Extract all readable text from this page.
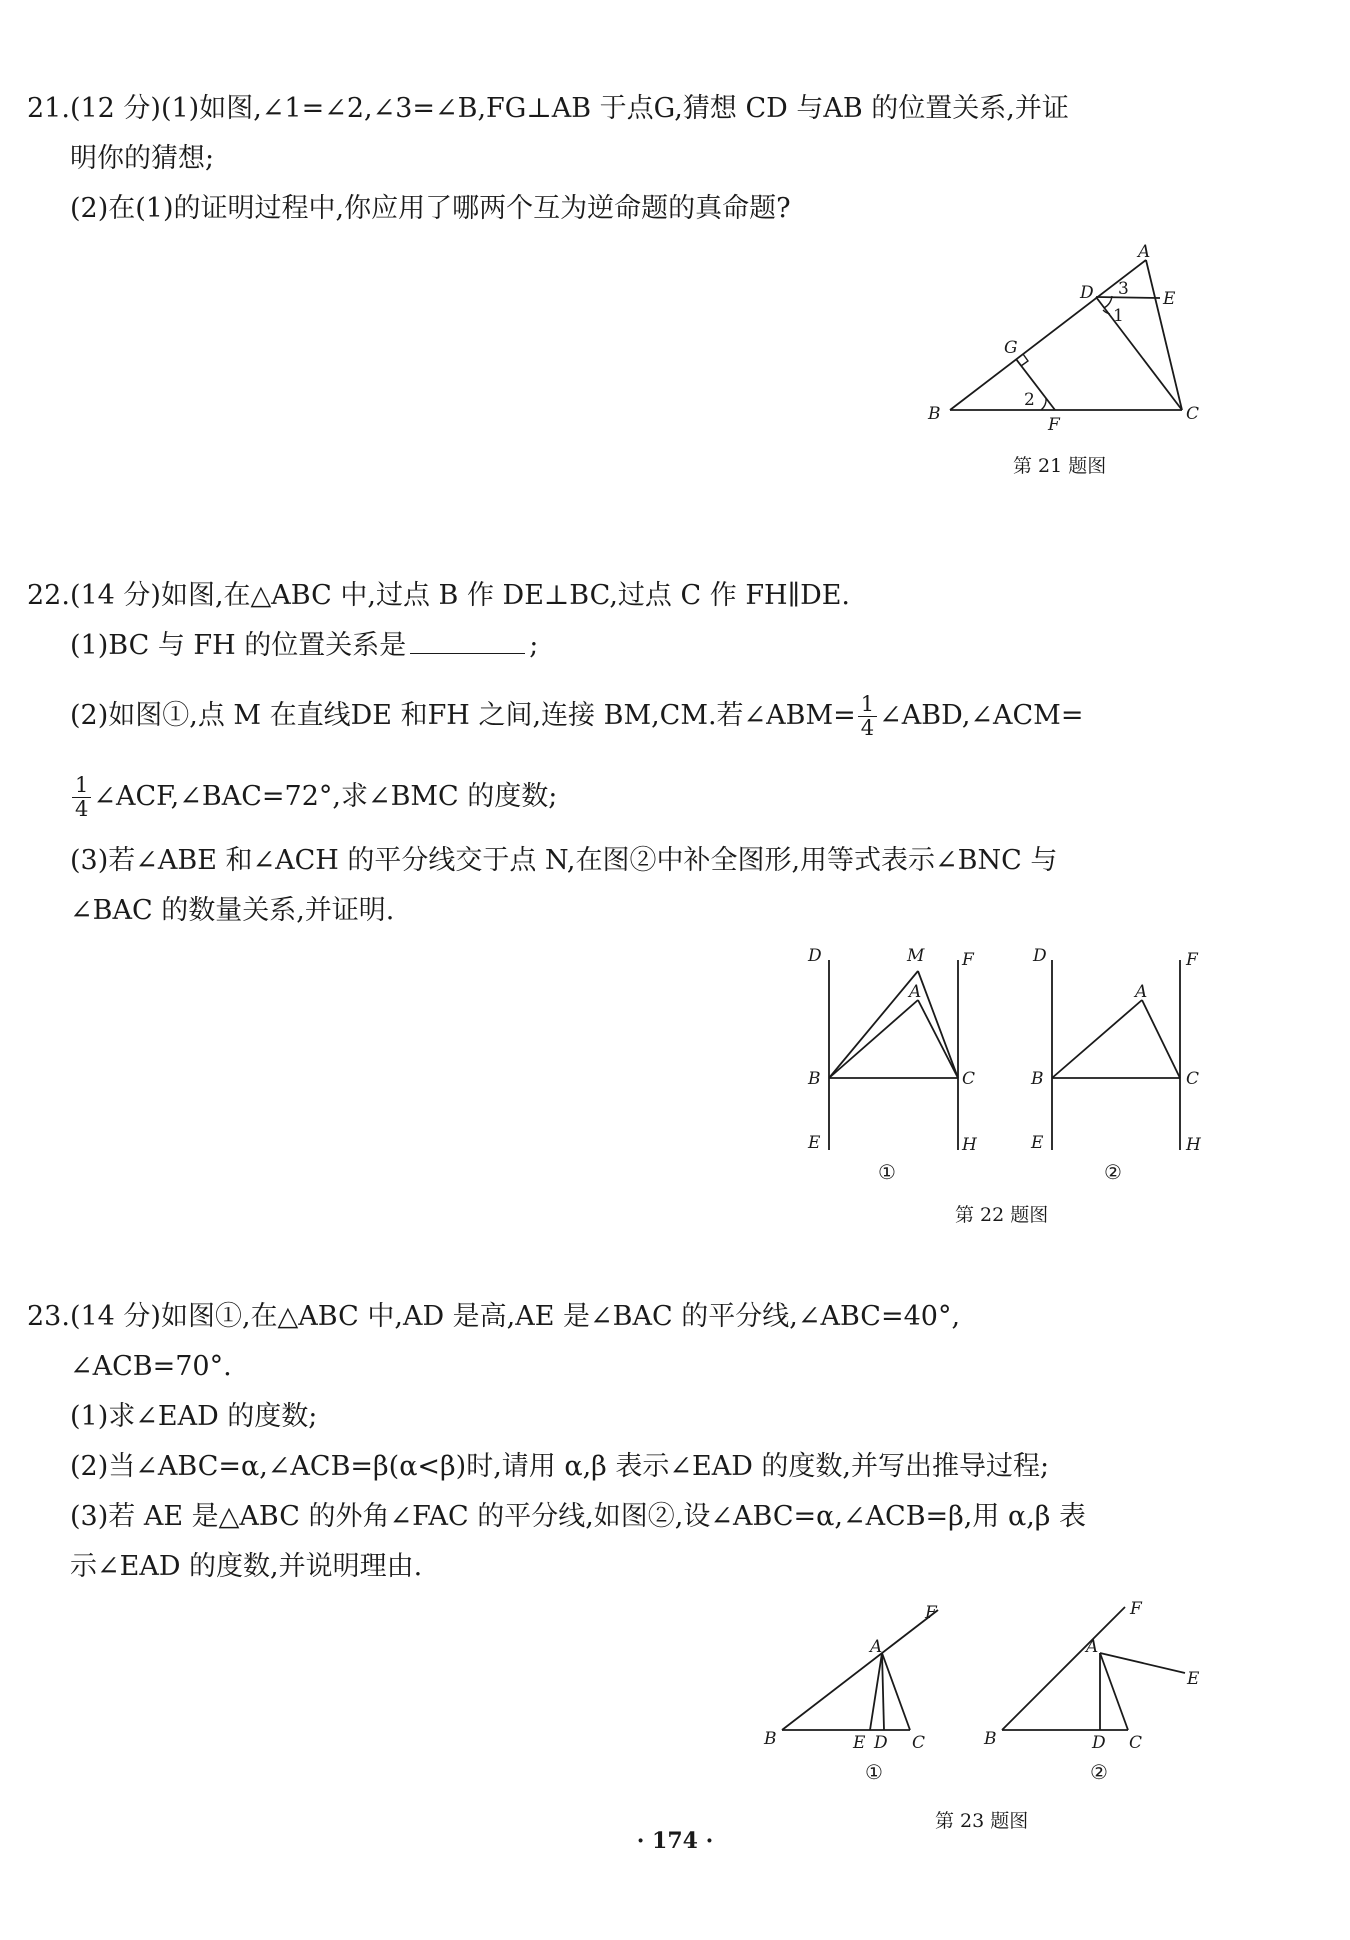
21.(12 分)(1)如图,∠1=∠2,∠3=∠B,FG⊥AB 于点G,猜想 CD 与AB 的位置关系,并证
明你的猜想;
(2)在(1)的证明过程中,你应用了哪两个互为逆命题的真命题?
A
D	E
G
B	C
F
3
1
2
第 21 题图
22.(14 分)如图,在△ABC 中,过点 B 作 DE⊥BC,过点 C 作 FH∥DE.
(1)BC 与 FH 的位置关系是	;
(2)如图①,点 M 在直线DE 和FH 之间,连接 BM,CM.若∠ABM= $\frac{1}{4}$ ∠ABD,∠ACM=
$\frac{1}{4}$ ∠ACF,∠BAC=72°,求∠BMC 的度数;
(3)若∠ABE 和∠ACH 的平分线交于点 N,在图②中补全图形,用等式表示∠BNC 与
∠BAC 的数量关系,并证明.
D	M F
A
B	C
E	H
①
D	F
A
B	C
E	H
②
第 22 题图
23.(14 分)如图①,在△ABC 中,AD 是高,AE 是∠BAC 的平分线,∠ABC=40°,
∠ACB=70°.
(1)求∠EAD 的度数;
(2)当∠ABC=α,∠ACB=β(α<β)时,请用 α,β 表示∠EAD 的度数,并写出推导过程;
(3)若 AE 是△ABC 的外角∠FAC 的平分线,如图②,设∠ABC=α,∠ACB=β,用 α,β 表
示∠EAD 的度数,并说明理由.
F
A
B	E D C
①
F
A
E
B	D C
②
第 23 题图
· 174 ·
